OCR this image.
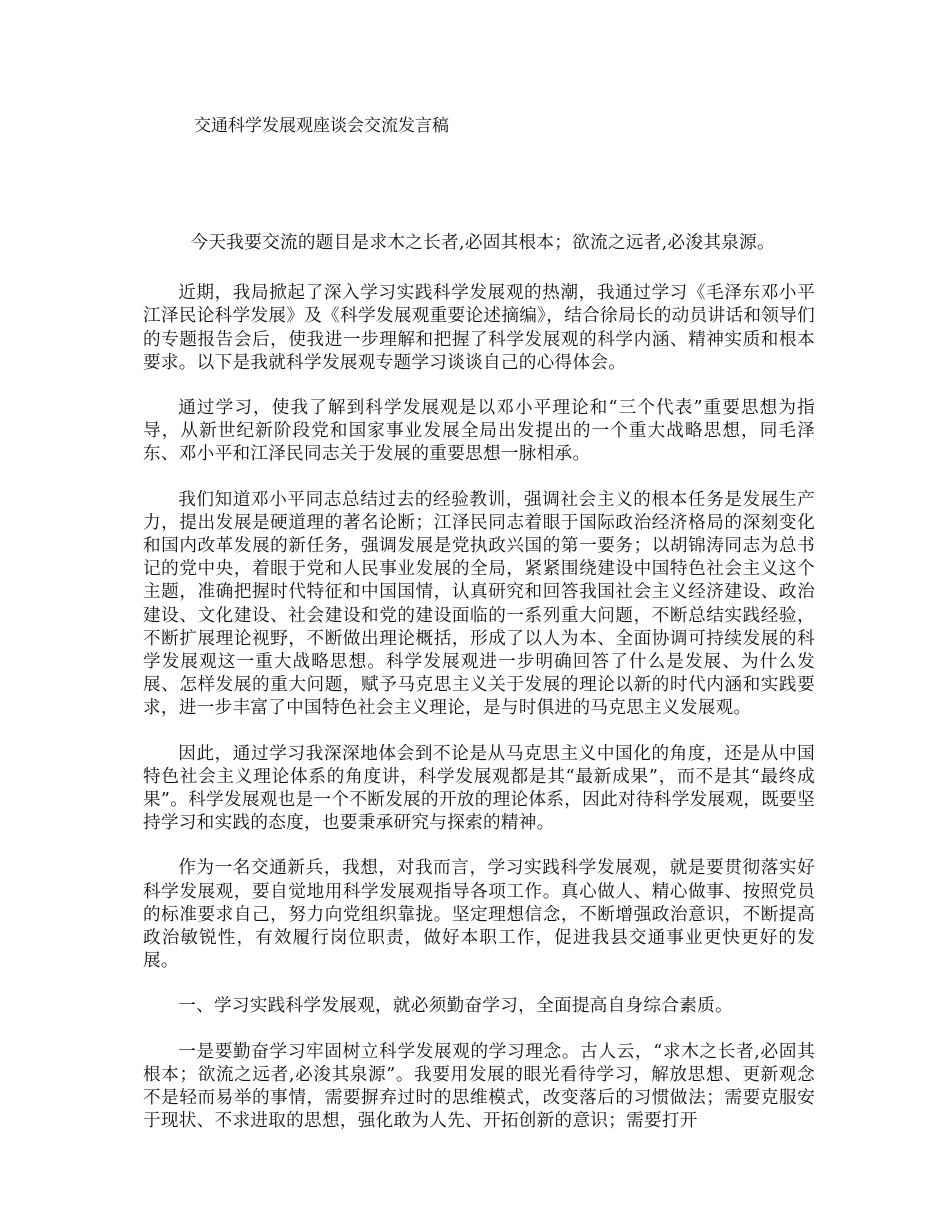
交通科学发展观座谈会交流发言稿

今天我要交流的题目是求木之长者,必固其根本；欲流之远者,必浚其泉源。

近期，我局掀起了深入学习实践科学发展观的热潮，我通过学习《毛泽东邓小平江泽民论科学发展》及《科学发展观重要论述摘编》，结合徐局长的动员讲话和领导们的专题报告会后，使我进一步理解和把握了科学发展观的科学内涵、精神实质和根本要求。以下是我就科学发展观专题学习谈谈自己的心得体会。

通过学习，使我了解到科学发展观是以邓小平理论和“三个代表”重要思想为指导，从新世纪新阶段党和国家事业发展全局出发提出的一个重大战略思想，同毛泽东、邓小平和江泽民同志关于发展的重要思想一脉相承。

我们知道邓小平同志总结过去的经验教训，强调社会主义的根本任务是发展生产力，提出发展是硬道理的著名论断；江泽民同志着眼于国际政治经济格局的深刻变化和国内改革发展的新任务，强调发展是党执政兴国的第一要务；以胡锦涛同志为总书记的党中央，着眼于党和人民事业发展的全局，紧紧围绕建设中国特色社会主义这个主题，准确把握时代特征和中国国情，认真研究和回答我国社会主义经济建设、政治建设、文化建设、社会建设和党的建设面临的一系列重大问题，不断总结实践经验，不断扩展理论视野，不断做出理论概括，形成了以人为本、全面协调可持续发展的科学发展观这一重大战略思想。科学发展观进一步明确回答了什么是发展、为什么发展、怎样发展的重大问题，赋予马克思主义关于发展的理论以新的时代内涵和实践要求，进一步丰富了中国特色社会主义理论，是与时俱进的马克思主义发展观。

因此，通过学习我深深地体会到不论是从马克思主义中国化的角度，还是从中国特色社会主义理论体系的角度讲，科学发展观都是其“最新成果”，而不是其“最终成果”。科学发展观也是一个不断发展的开放的理论体系，因此对待科学发展观，既要坚持学习和实践的态度，也要秉承研究与探索的精神。

作为一名交通新兵，我想，对我而言，学习实践科学发展观，就是要贯彻落实好科学发展观，要自觉地用科学发展观指导各项工作。真心做人、精心做事、按照党员的标准要求自己，努力向党组织靠拢。坚定理想信念，不断增强政治意识，不断提高政治敏锐性，有效履行岗位职责，做好本职工作，促进我县交通事业更快更好的发展。

一、学习实践科学发展观，就必须勤奋学习，全面提高自身综合素质。

一是要勤奋学习牢固树立科学发展观的学习理念。古人云，“求木之长者,必固其根本；欲流之远者,必浚其泉源”。我要用发展的眼光看待学习，解放思想、更新观念不是轻而易举的事情，需要摒弃过时的思维模式，改变落后的习惯做法；需要克服安于现状、不求进取的思想，强化敢为人先、开拓创新的意识；需要打开
